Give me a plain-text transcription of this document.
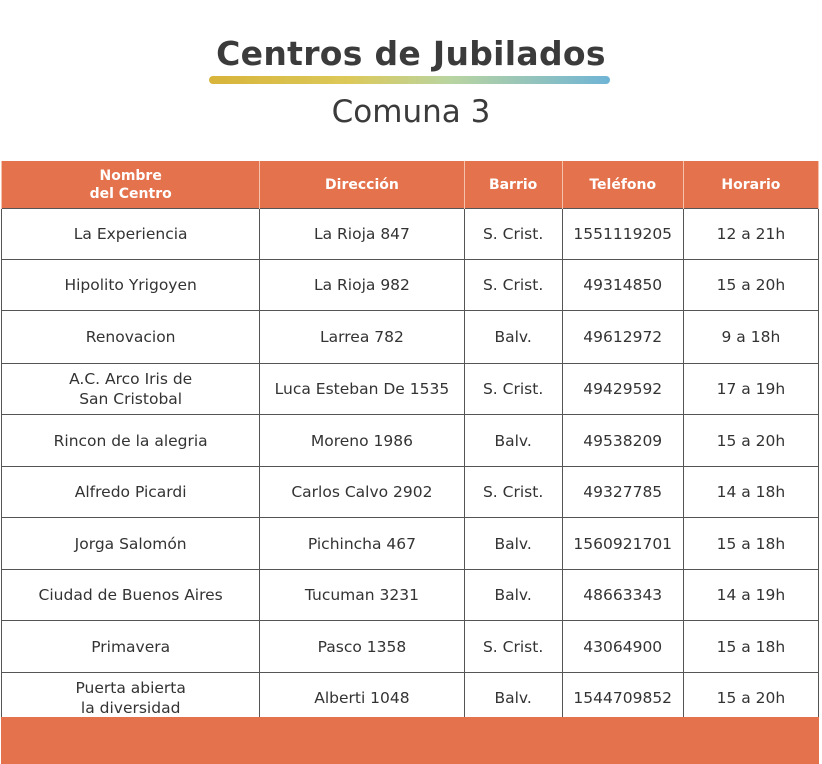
Centros de Jubilados
Comuna 3
Nombre
del Centro	Dirección	Barrio	Teléfono	Horario

La Experiencia	La Rioja 847	S. Crist.	1551119205	12 a 21h

Hipolito Yrigoyen	La Rioja 982	S. Crist.	49314850	15 a 20h

Renovacion	Larrea 782	Balv.	49612972	9 a 18h

A.C. Arco Iris de
San Cristobal	Luca Esteban De 1535	S. Crist.	49429592	17 a 19h

Rincon de la alegria	Moreno 1986	Balv.	49538209	15 a 20h

Alfredo Picardi	Carlos Calvo 2902	S. Crist.	49327785	14 a 18h

Jorga Salomón	Pichincha 467	Balv.	1560921701	15 a 18h

Ciudad de Buenos Aires	Tucuman 3231	Balv.	48663343	14 a 19h

Primavera	Pasco 1358	S. Crist.	43064900	15 a 18h

Puerta abierta
la diversidad	Alberti 1048	Balv.	1544709852	15 a 20h
